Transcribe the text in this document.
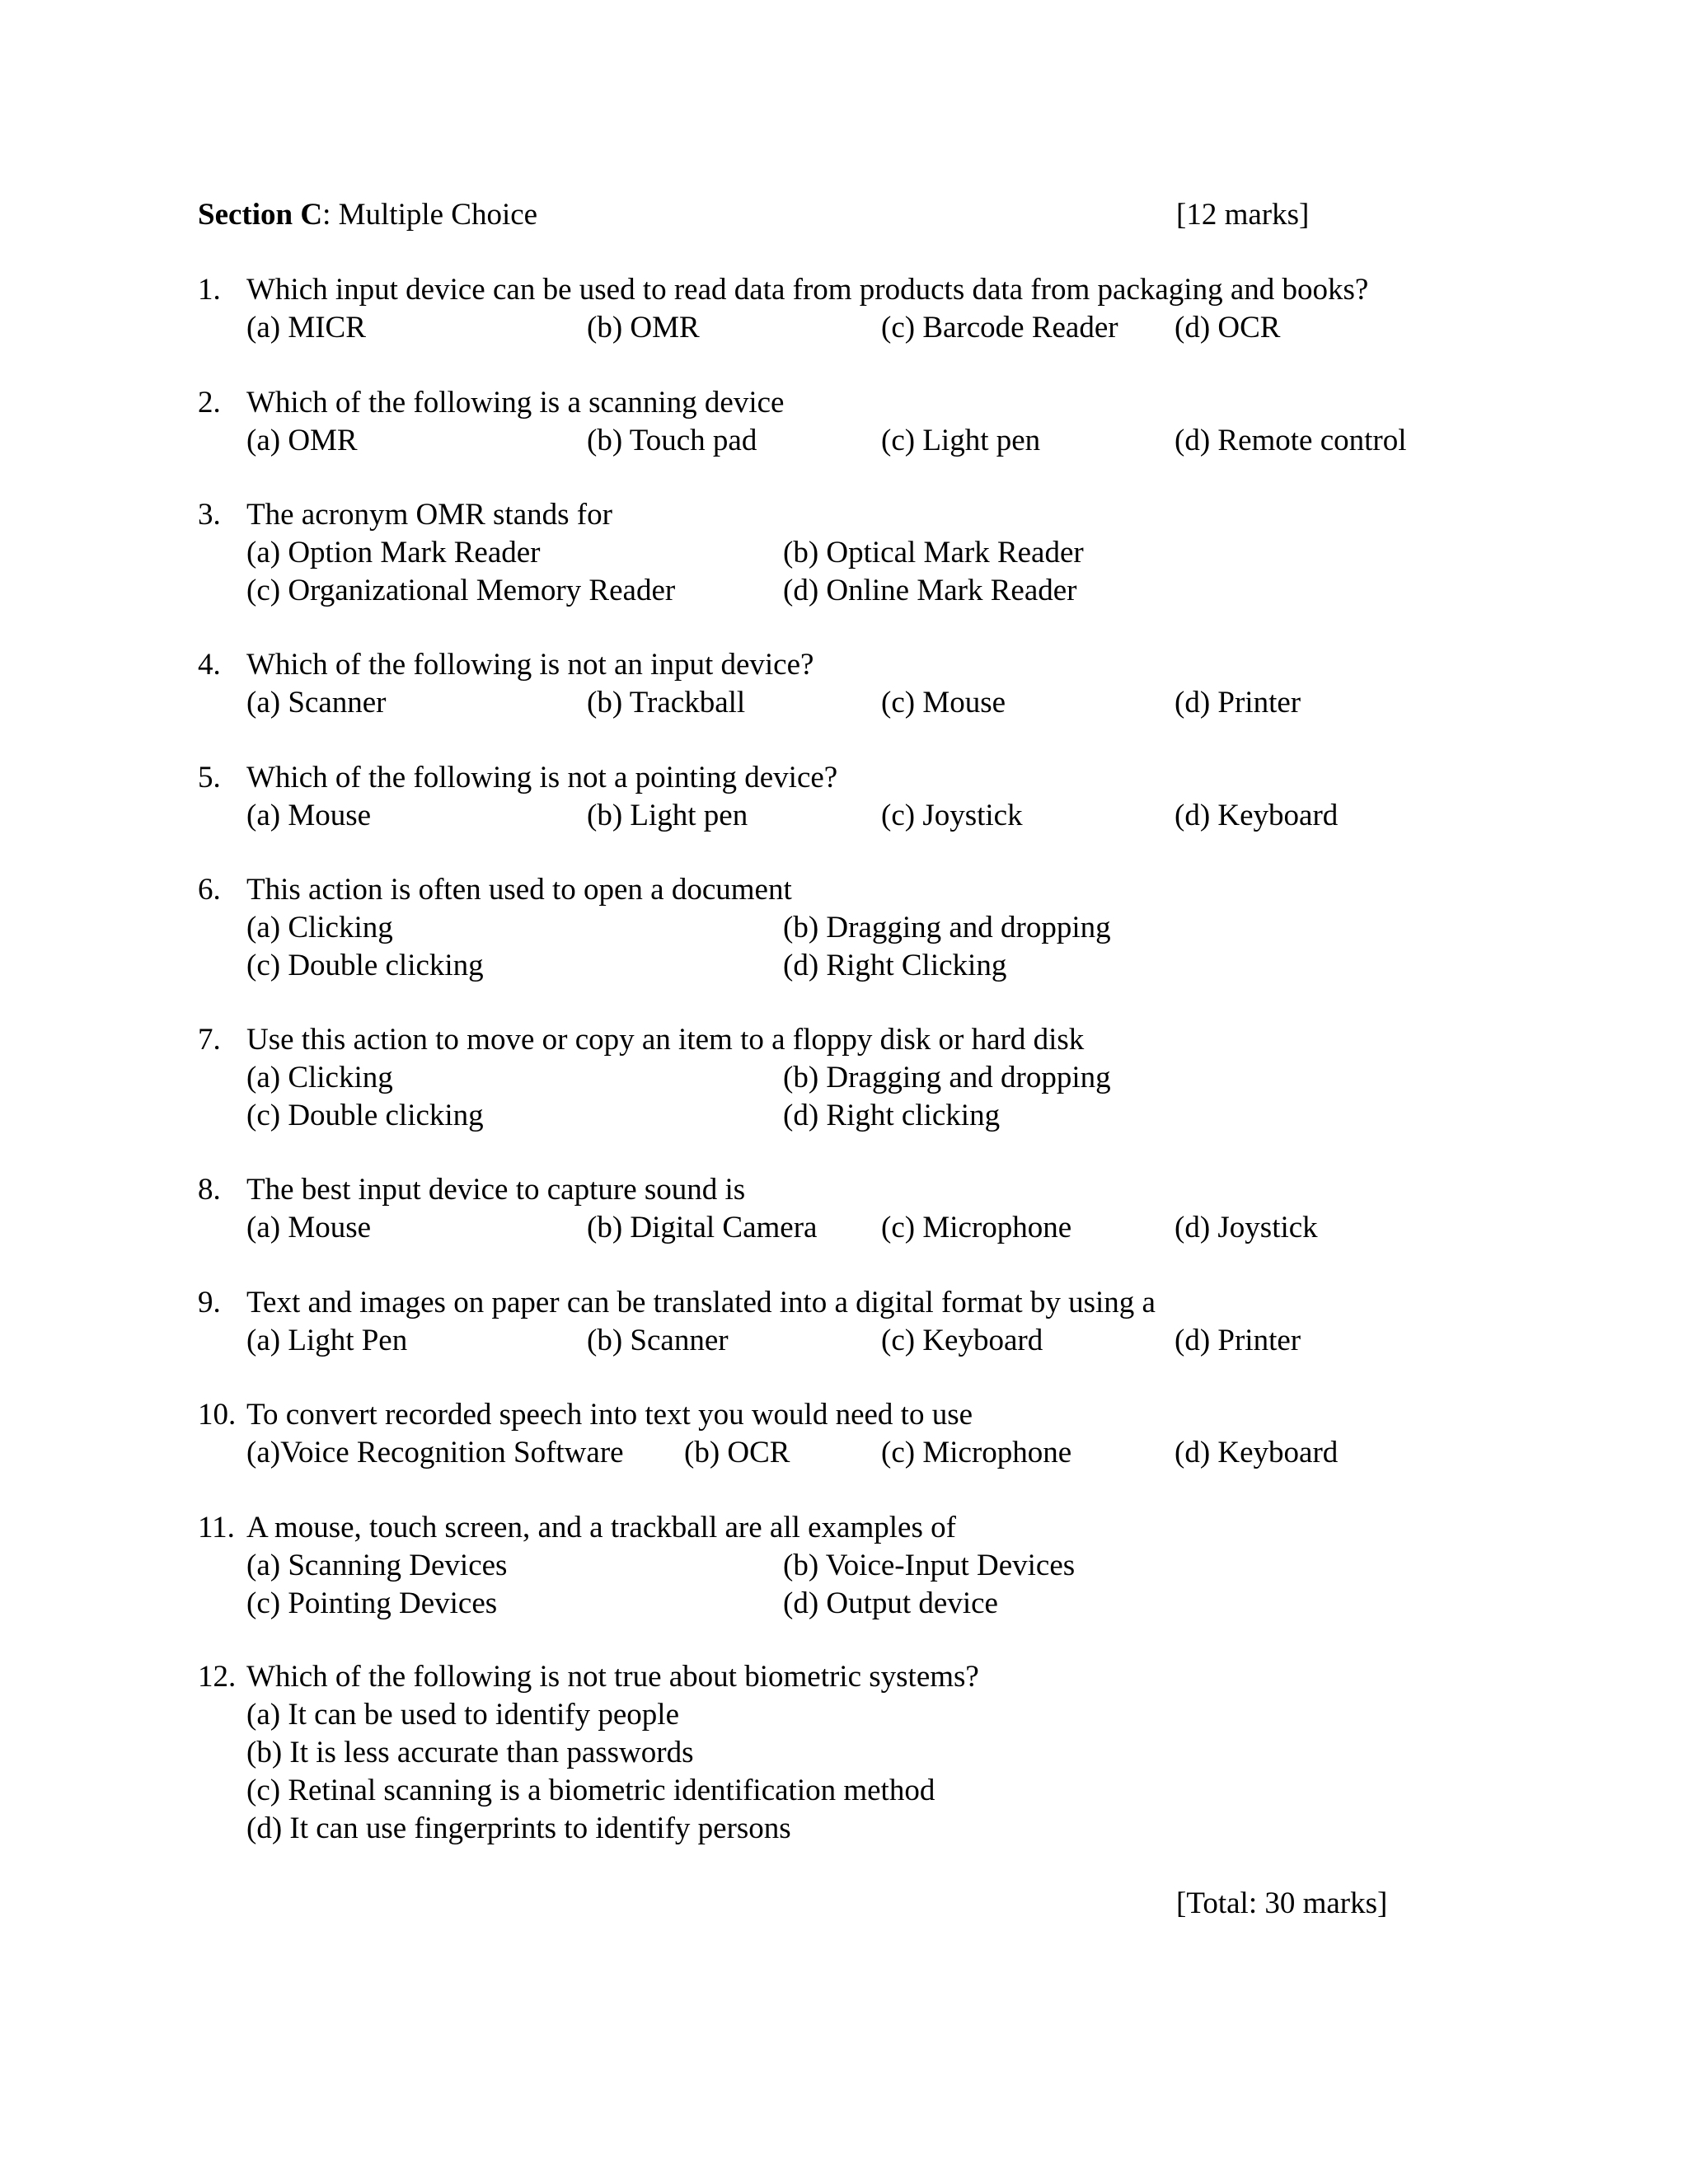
Section C: Multiple Choice	[12 marks]
1. Which input device can be used to read data from products data from packaging and books?
(a) MICR	(b) OMR	(c) Barcode Reader (d) OCR
2. Which of the following is a scanning device
(a) OMR	(b) Touch pad	(c) Light pen	(d) Remote control
3. The acronym OMR stands for
(a) Option Mark Reader	(b) Optical Mark Reader
(c) Organizational Memory Reader	(d) Online Mark Reader
4. Which of the following is not an input device?
(a) Scanner	(b) Trackball	(c) Mouse	(d) Printer
5. Which of the following is not a pointing device?
(a) Mouse	(b) Light pen	(c) Joystick	(d) Keyboard
6. This action is often used to open a document
(a) Clicking	(b) Dragging and dropping
(c) Double clicking	(d) Right Clicking
7. Use this action to move or copy an item to a floppy disk or hard disk
(a) Clicking	(b) Dragging and dropping
(c) Double clicking	(d) Right clicking
8. The best input device to capture sound is
(a) Mouse	(b) Digital Camera (c) Microphone	(d) Joystick
9. Text and images on paper can be translated into a digital format by using a
(a) Light Pen	(b) Scanner	(c) Keyboard	(d) Printer
10. To convert recorded speech into text you would need to use
(a)Voice Recognition Software (b) OCR	(c) Microphone	(d) Keyboard
11. A mouse, touch screen, and a trackball are all examples of
(a) Scanning Devices	(b) Voice-Input Devices
(c) Pointing Devices	(d) Output device
12. Which of the following is not true about biometric systems?
(a) It can be used to identify people
(b) It is less accurate than passwords
(c) Retinal scanning is a biometric identification method
(d) It can use fingerprints to identify persons
[Total: 30 marks]
